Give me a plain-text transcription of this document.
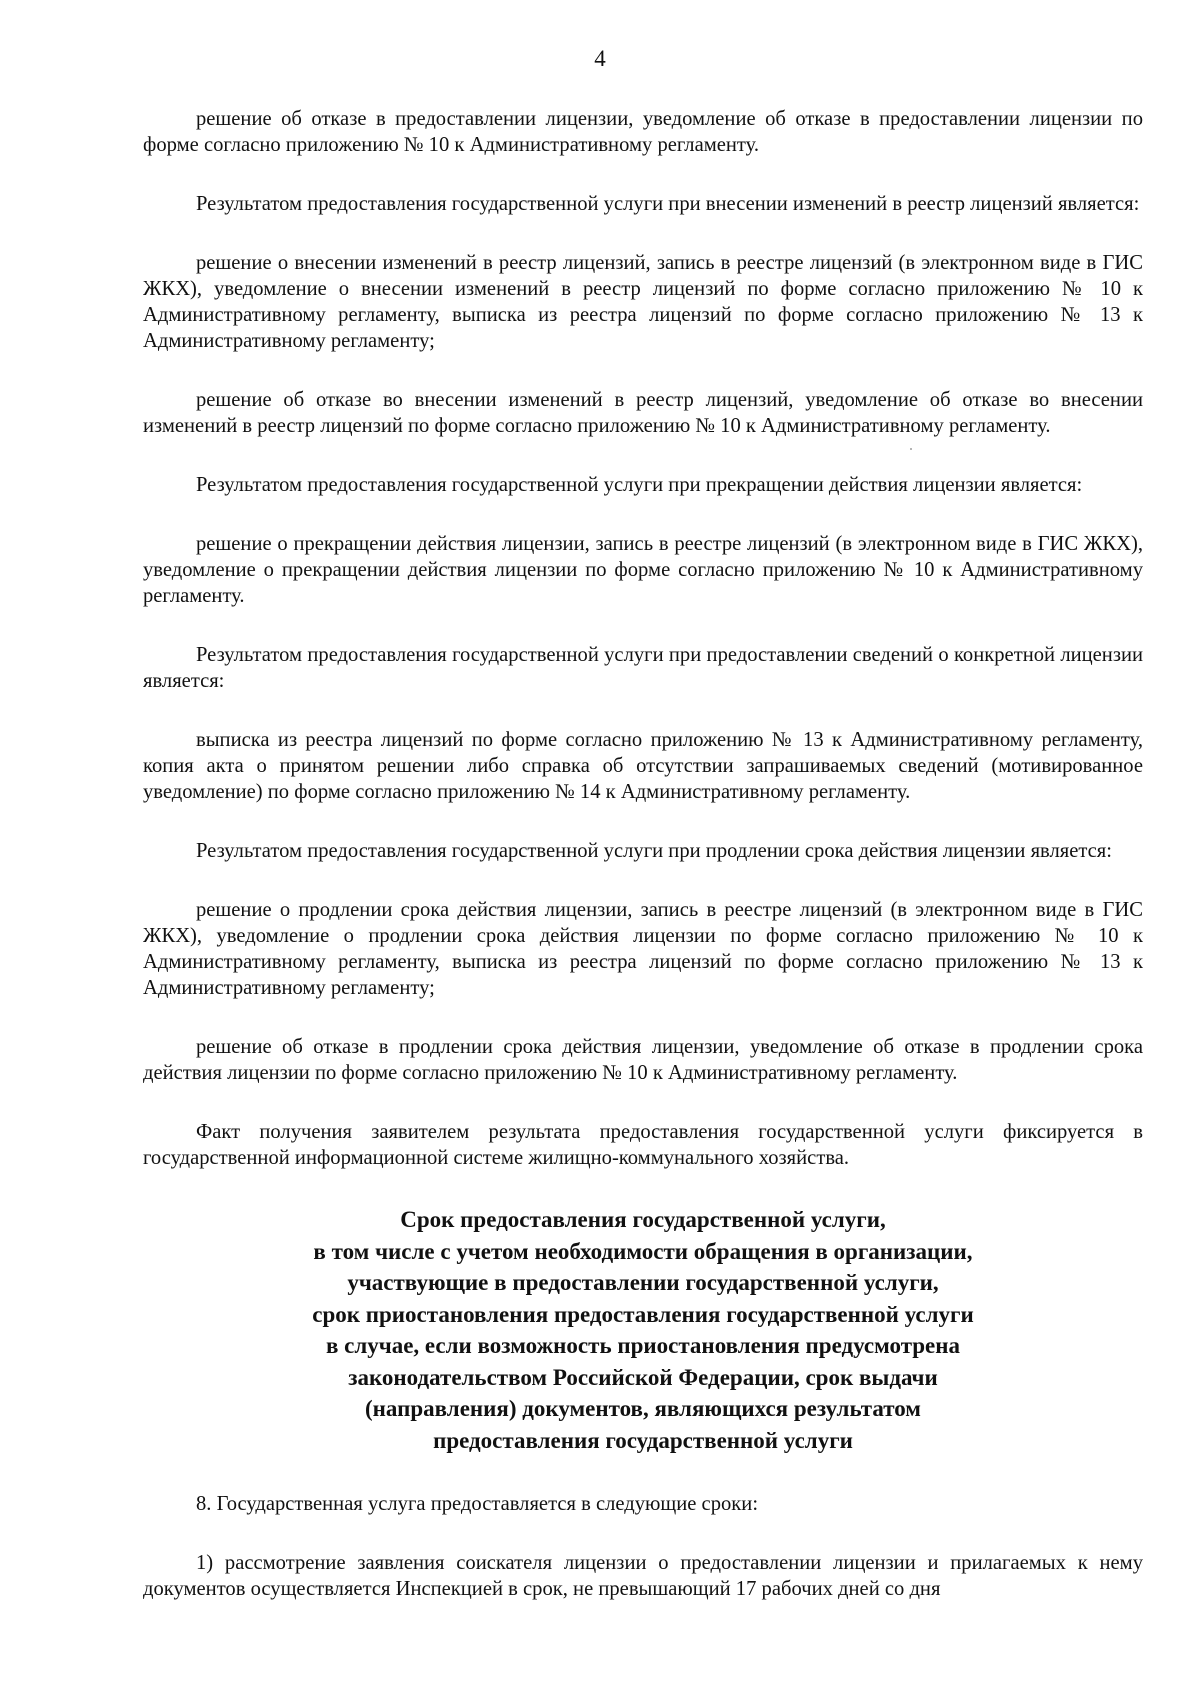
4

решение об отказе в предоставлении лицензии, уведомление об отказе в предоставлении лицензии по форме согласно приложению № 10 к Административному регламенту.

Результатом предоставления государственной услуги при внесении изменений в реестр лицензий является:

решение о внесении изменений в реестр лицензий, запись в реестре лицензий (в электронном виде в ГИС ЖКХ), уведомление о внесении изменений в реестр лицензий по форме согласно приложению № 10 к Административному регламенту, выписка из реестра лицензий по форме согласно приложению № 13 к Административному регламенту;

решение об отказе во внесении изменений в реестр лицензий, уведомление об отказе во внесении изменений в реестр лицензий по форме согласно приложению № 10 к Административному регламенту.

Результатом предоставления государственной услуги при прекращении действия лицензии является:

решение о прекращении действия лицензии, запись в реестре лицензий (в электронном виде в ГИС ЖКХ), уведомление о прекращении действия лицензии по форме согласно приложению № 10 к Административному регламенту.

Результатом предоставления государственной услуги при предоставлении сведений о конкретной лицензии является:

выписка из реестра лицензий по форме согласно приложению № 13 к Административному регламенту, копия акта о принятом решении либо справка об отсутствии запрашиваемых сведений (мотивированное уведомление) по форме согласно приложению № 14 к Административному регламенту.

Результатом предоставления государственной услуги при продлении срока действия лицензии является:

решение о продлении срока действия лицензии, запись в реестре лицензий (в электронном виде в ГИС ЖКХ), уведомление о продлении срока действия лицензии по форме согласно приложению № 10 к Административному регламенту, выписка из реестра лицензий по форме согласно приложению № 13 к Административному регламенту;

решение об отказе в продлении срока действия лицензии, уведомление об отказе в продлении срока действия лицензии по форме согласно приложению № 10 к Административному регламенту.

Факт получения заявителем результата предоставления государственной услуги фиксируется в государственной информационной системе жилищно-коммунального хозяйства.

Срок предоставления государственной услуги,
в том числе с учетом необходимости обращения в организации,
участвующие в предоставлении государственной услуги,
срок приостановления предоставления государственной услуги
в случае, если возможность приостановления предусмотрена
законодательством Российской Федерации, срок выдачи
(направления) документов, являющихся результатом
предоставления государственной услуги

8. Государственная услуга предоставляется в следующие сроки:

1) рассмотрение заявления соискателя лицензии о предоставлении лицензии и прилагаемых к нему документов осуществляется Инспекцией в срок, не превышающий 17 рабочих дней со дня
